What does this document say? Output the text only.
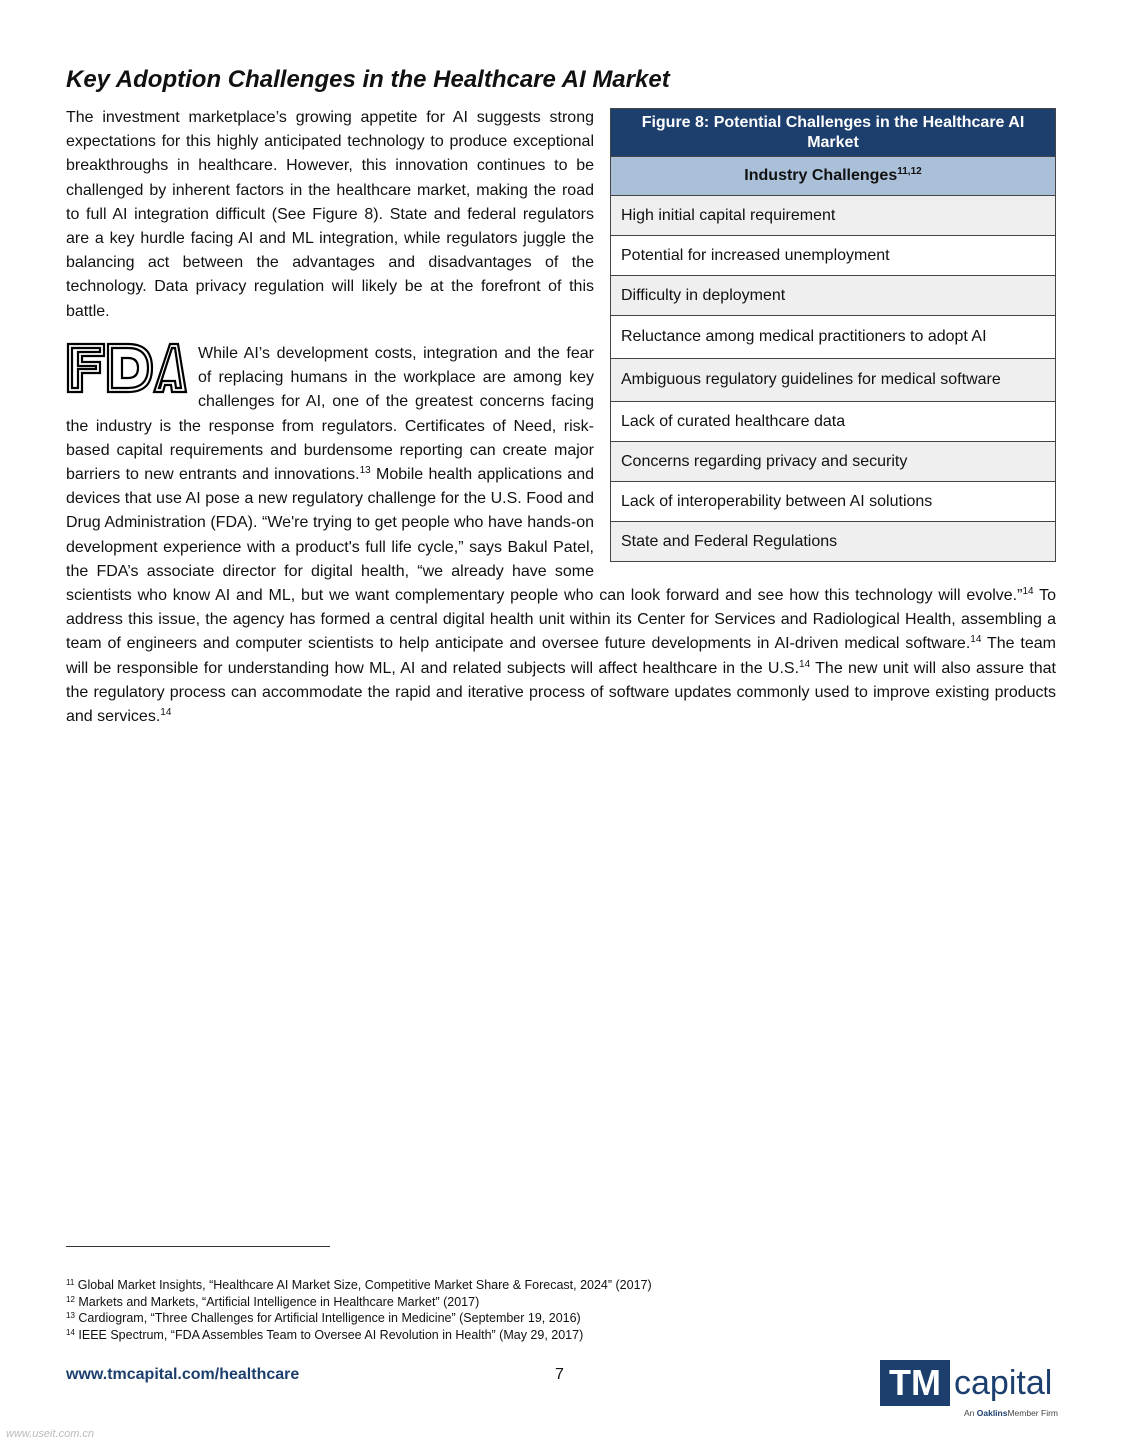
Key Adoption Challenges in the Healthcare AI Market

The investment marketplace’s growing appetite for AI suggests strong expectations for this highly anticipated technology to produce exceptional breakthroughs in healthcare. However, this innovation continues to be challenged by inherent factors in the healthcare market, making the road to full AI integration difficult (See Figure 8). State and federal regulators are a key hurdle facing AI and ML integration, while regulators juggle the balancing act between the advantages and disadvantages of the technology. Data privacy regulation will likely be at the forefront of this battle.

Figure 8: Potential Challenges in the Healthcare AI Market
Industry Challenges$^{11,12}$
High initial capital requirement
Potential for increased unemployment
Difficulty in deployment
Reluctance among medical practitioners to adopt AI
Ambiguous regulatory guidelines for medical software
Lack of curated healthcare data
Concerns regarding privacy and security
Lack of interoperability between AI solutions
State and Federal Regulations
FDA
While AI’s development costs, integration and the fear of replacing humans in the workplace are among key challenges for AI, one of the greatest concerns facing the industry is the response from regulators. Certificates of Need, risk-based capital requirements and burdensome reporting can create major barriers to new entrants and innovations.$^{13}$ Mobile health applications and devices that use AI pose a new regulatory challenge for the U.S. Food and Drug Administration (FDA). “We're trying to get people who have hands-on development experience with a product's full life cycle,” says Bakul Patel, the FDA’s associate director for digital health, “we already have some scientists who know AI and ML, but we want complementary people who can look forward and see how this technology will evolve.”$^{14}$ To address this issue, the agency has formed a central digital health unit within its Center for Services and Radiological Health, assembling a team of engineers and computer scientists to help anticipate and oversee future developments in AI-driven medical software.$^{14}$ The team will be responsible for understanding how ML, AI and related subjects will affect healthcare in the U.S.$^{14}$ The new unit will also assure that the regulatory process can accommodate the rapid and iterative process of software updates commonly used to improve existing products and services.$^{14}$
$^{11}$ Global Market Insights, “Healthcare AI Market Size, Competitive Market Share & Forecast, 2024” (2017)
$^{12}$ Markets and Markets, “Artificial Intelligence in Healthcare Market” (2017)
$^{13}$ Cardiogram, “Three Challenges for Artificial Intelligence in Medicine” (September 19, 2016)
$^{14}$ IEEE Spectrum, “FDA Assembles Team to Oversee AI Revolution in Health” (May 29, 2017)
www.tmcapital.com/healthcare	7	TM capital
An OaklinsMember Firm
www.useit.com.cn
